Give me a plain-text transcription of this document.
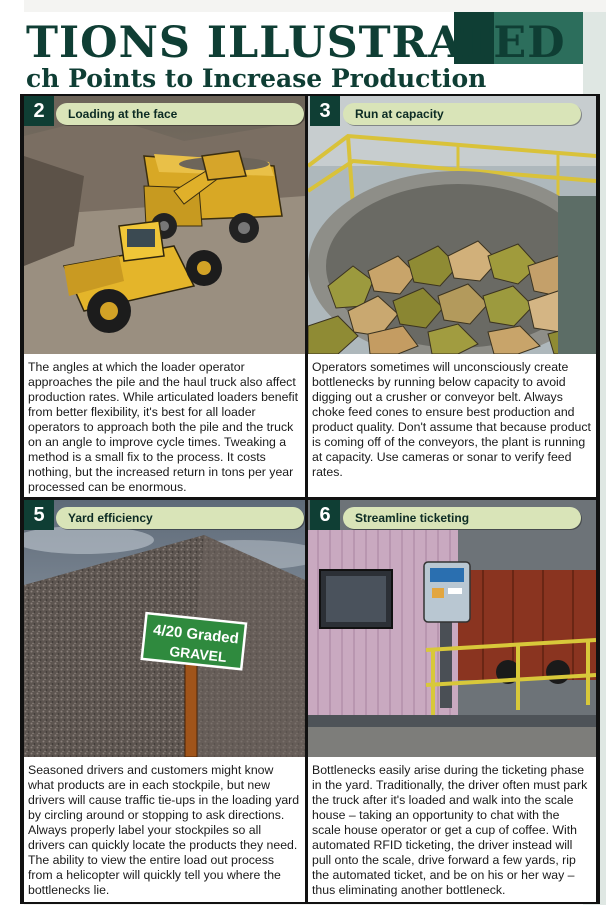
TIONS ILLUSTRATED
ch Points to Increase Production
2	Loading at the face
The angles at which the loader operator approaches the pile and the haul truck also affect production rates. While articulated loaders benefit from better flexibility, it's best for all loader operators to approach both the pile and the truck on an angle to improve cycle times. Tweaking a method is a small fix to the process. It costs nothing, but the increased return in tons per year processed can be enormous.
3	Run at capacity
Operators sometimes will unconsciously create bottlenecks by running below capacity to avoid digging out a crusher or conveyor belt. Always choke feed cones to ensure best production and product quality. Don't assume that because product is coming off of the conveyors, the plant is running at capacity. Use cameras or sonar to verify feed rates.
4/20 Graded
GRAVEL
5	Yard efficiency
Seasoned drivers and customers might know what products are in each stockpile, but new drivers will cause traffic tie-ups in the loading yard by circling around or stopping to ask directions. Always properly label your stockpiles so all drivers can quickly locate the products they need. The ability to view the entire load out process from a helicopter will quickly tell you where the bottlenecks lie.
6	Streamline ticketing
Bottlenecks easily arise during the ticketing phase in the yard. Traditionally, the driver often must park the truck after it's loaded and walk into the scale house – taking an opportunity to chat with the scale house operator or get a cup of coffee. With automated RFID ticketing, the driver instead will pull onto the scale, drive forward a few yards, rip the automated ticket, and be on his or her way – thus eliminating another bottleneck.
